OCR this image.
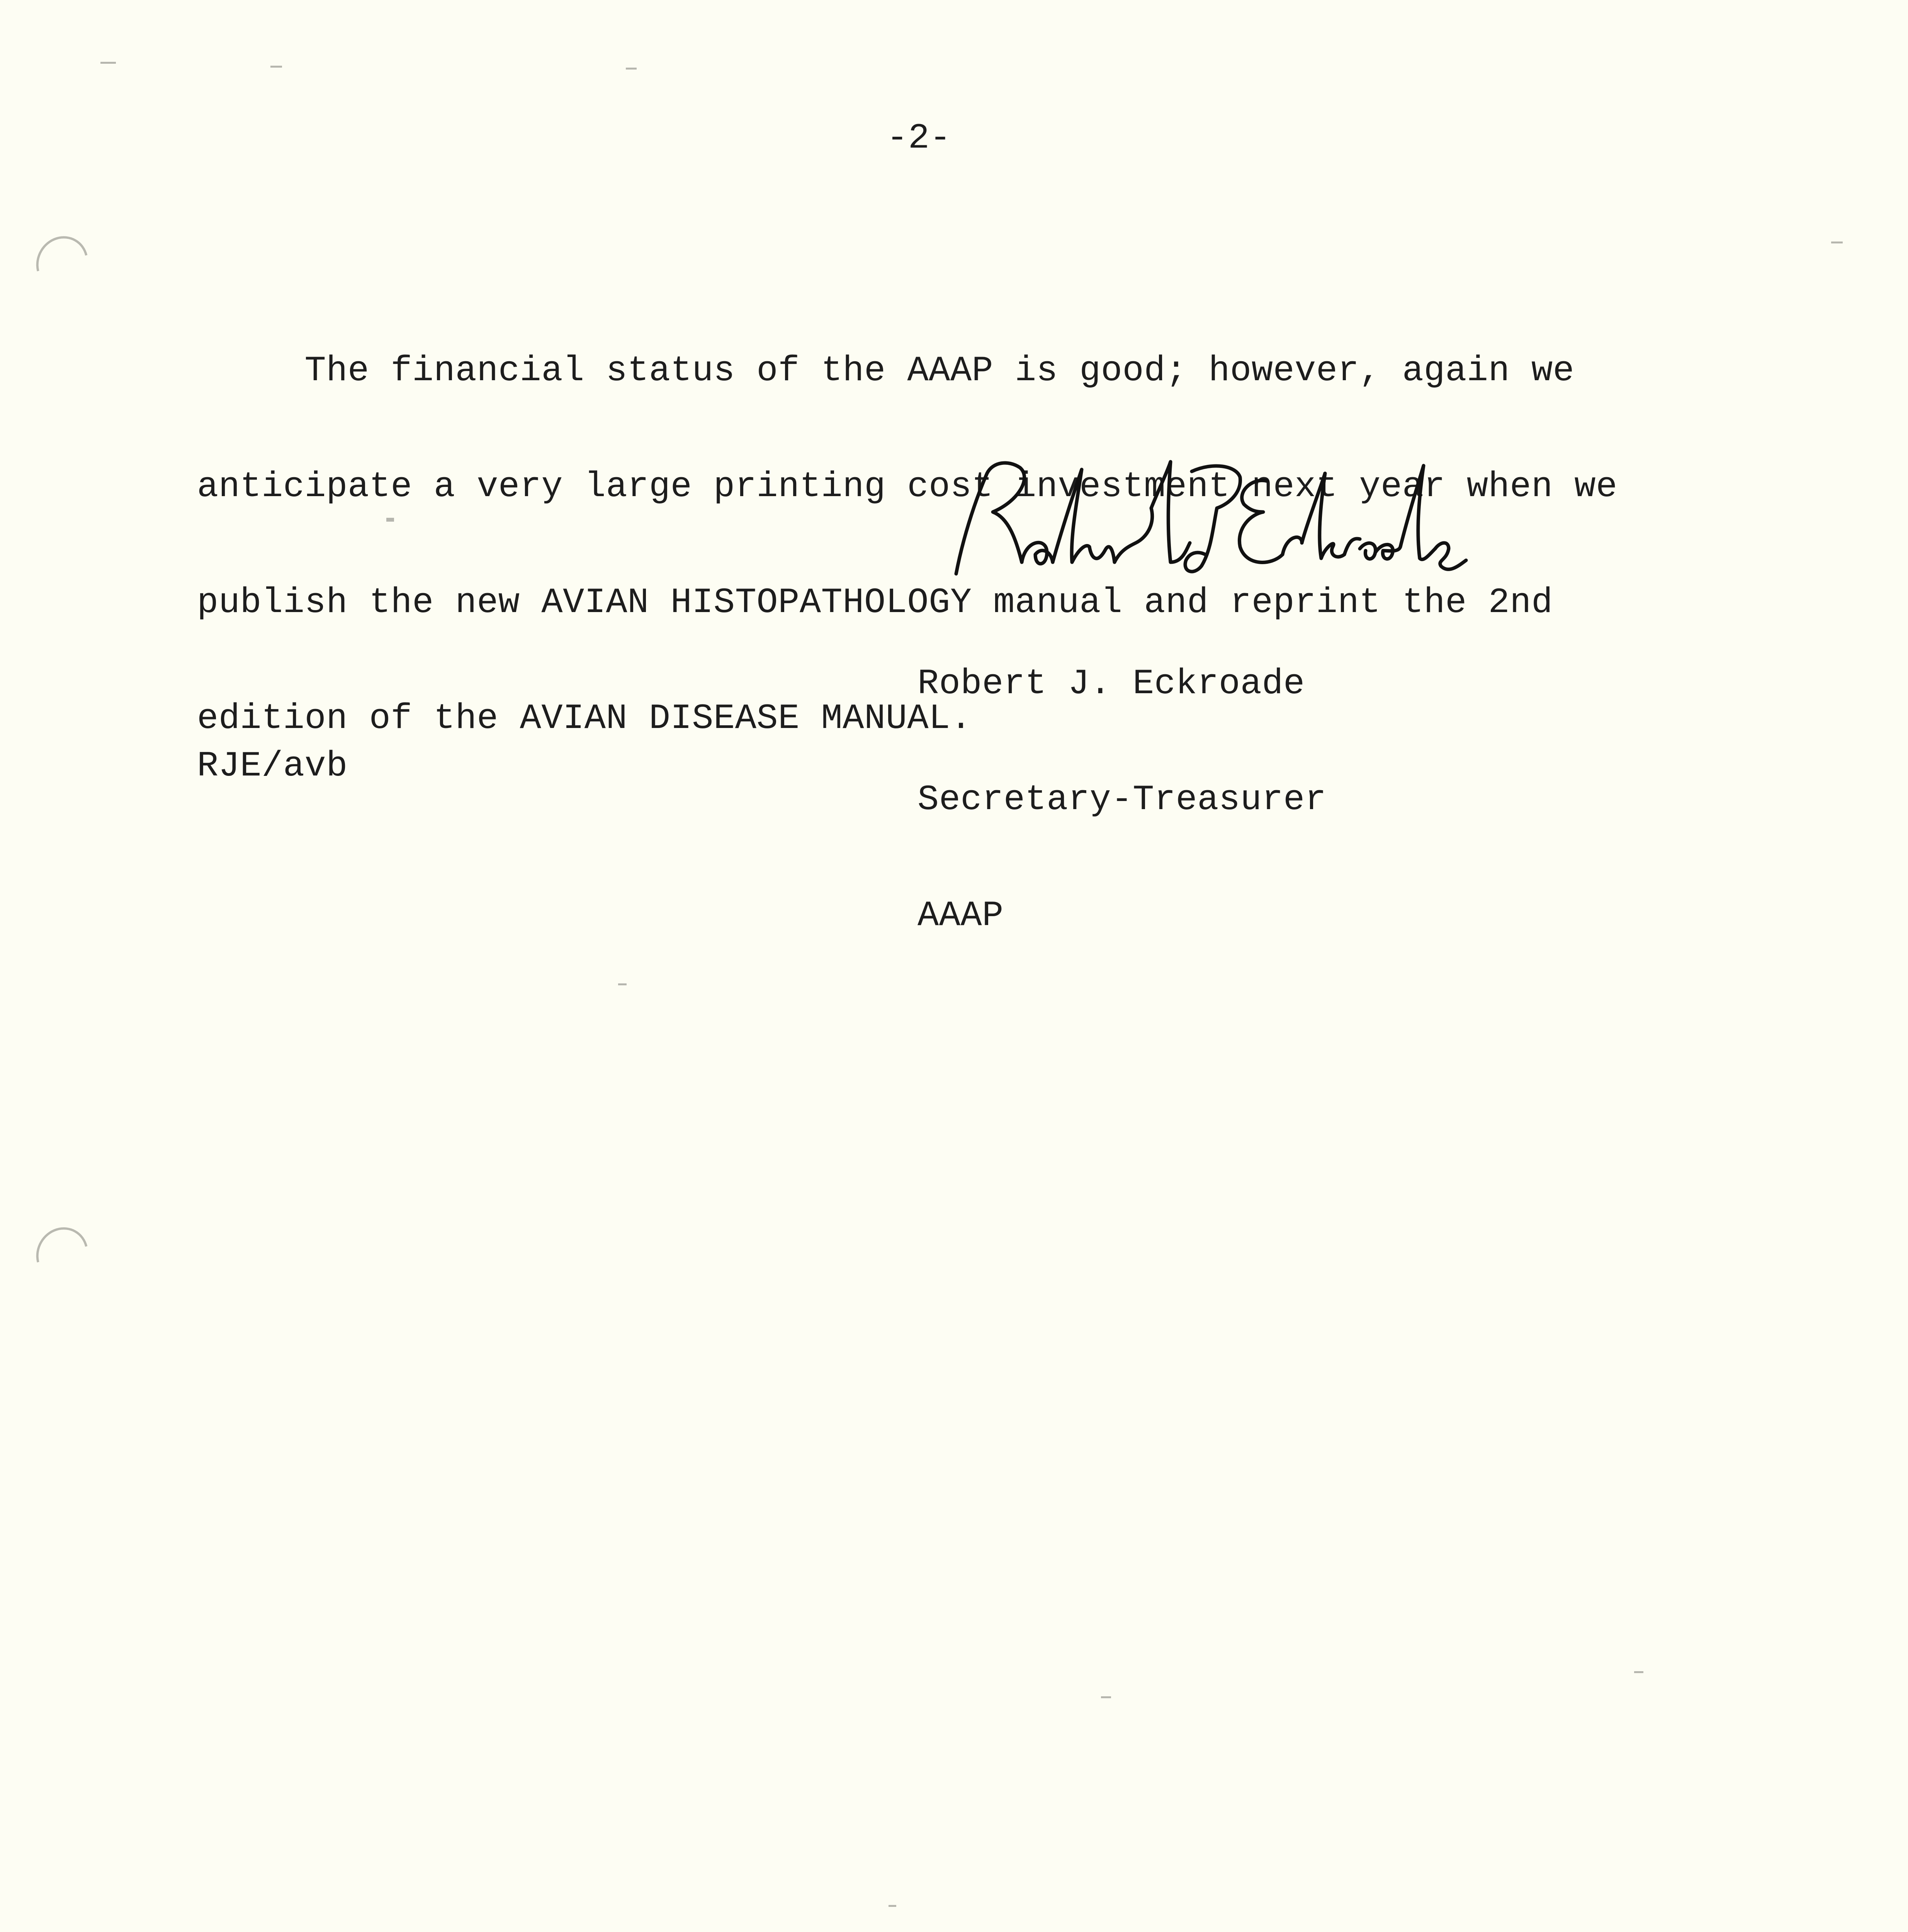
-2-

The financial status of the AAAP is good; however, again we

anticipate a very large printing cost investment next year when we

publish the new AVIAN HISTOPATHOLOGY manual and reprint the 2nd

edition of the AVIAN DISEASE MANUAL.

Robert J. Eckroade

Secretary-Treasurer

AAAP

RJE/avb
